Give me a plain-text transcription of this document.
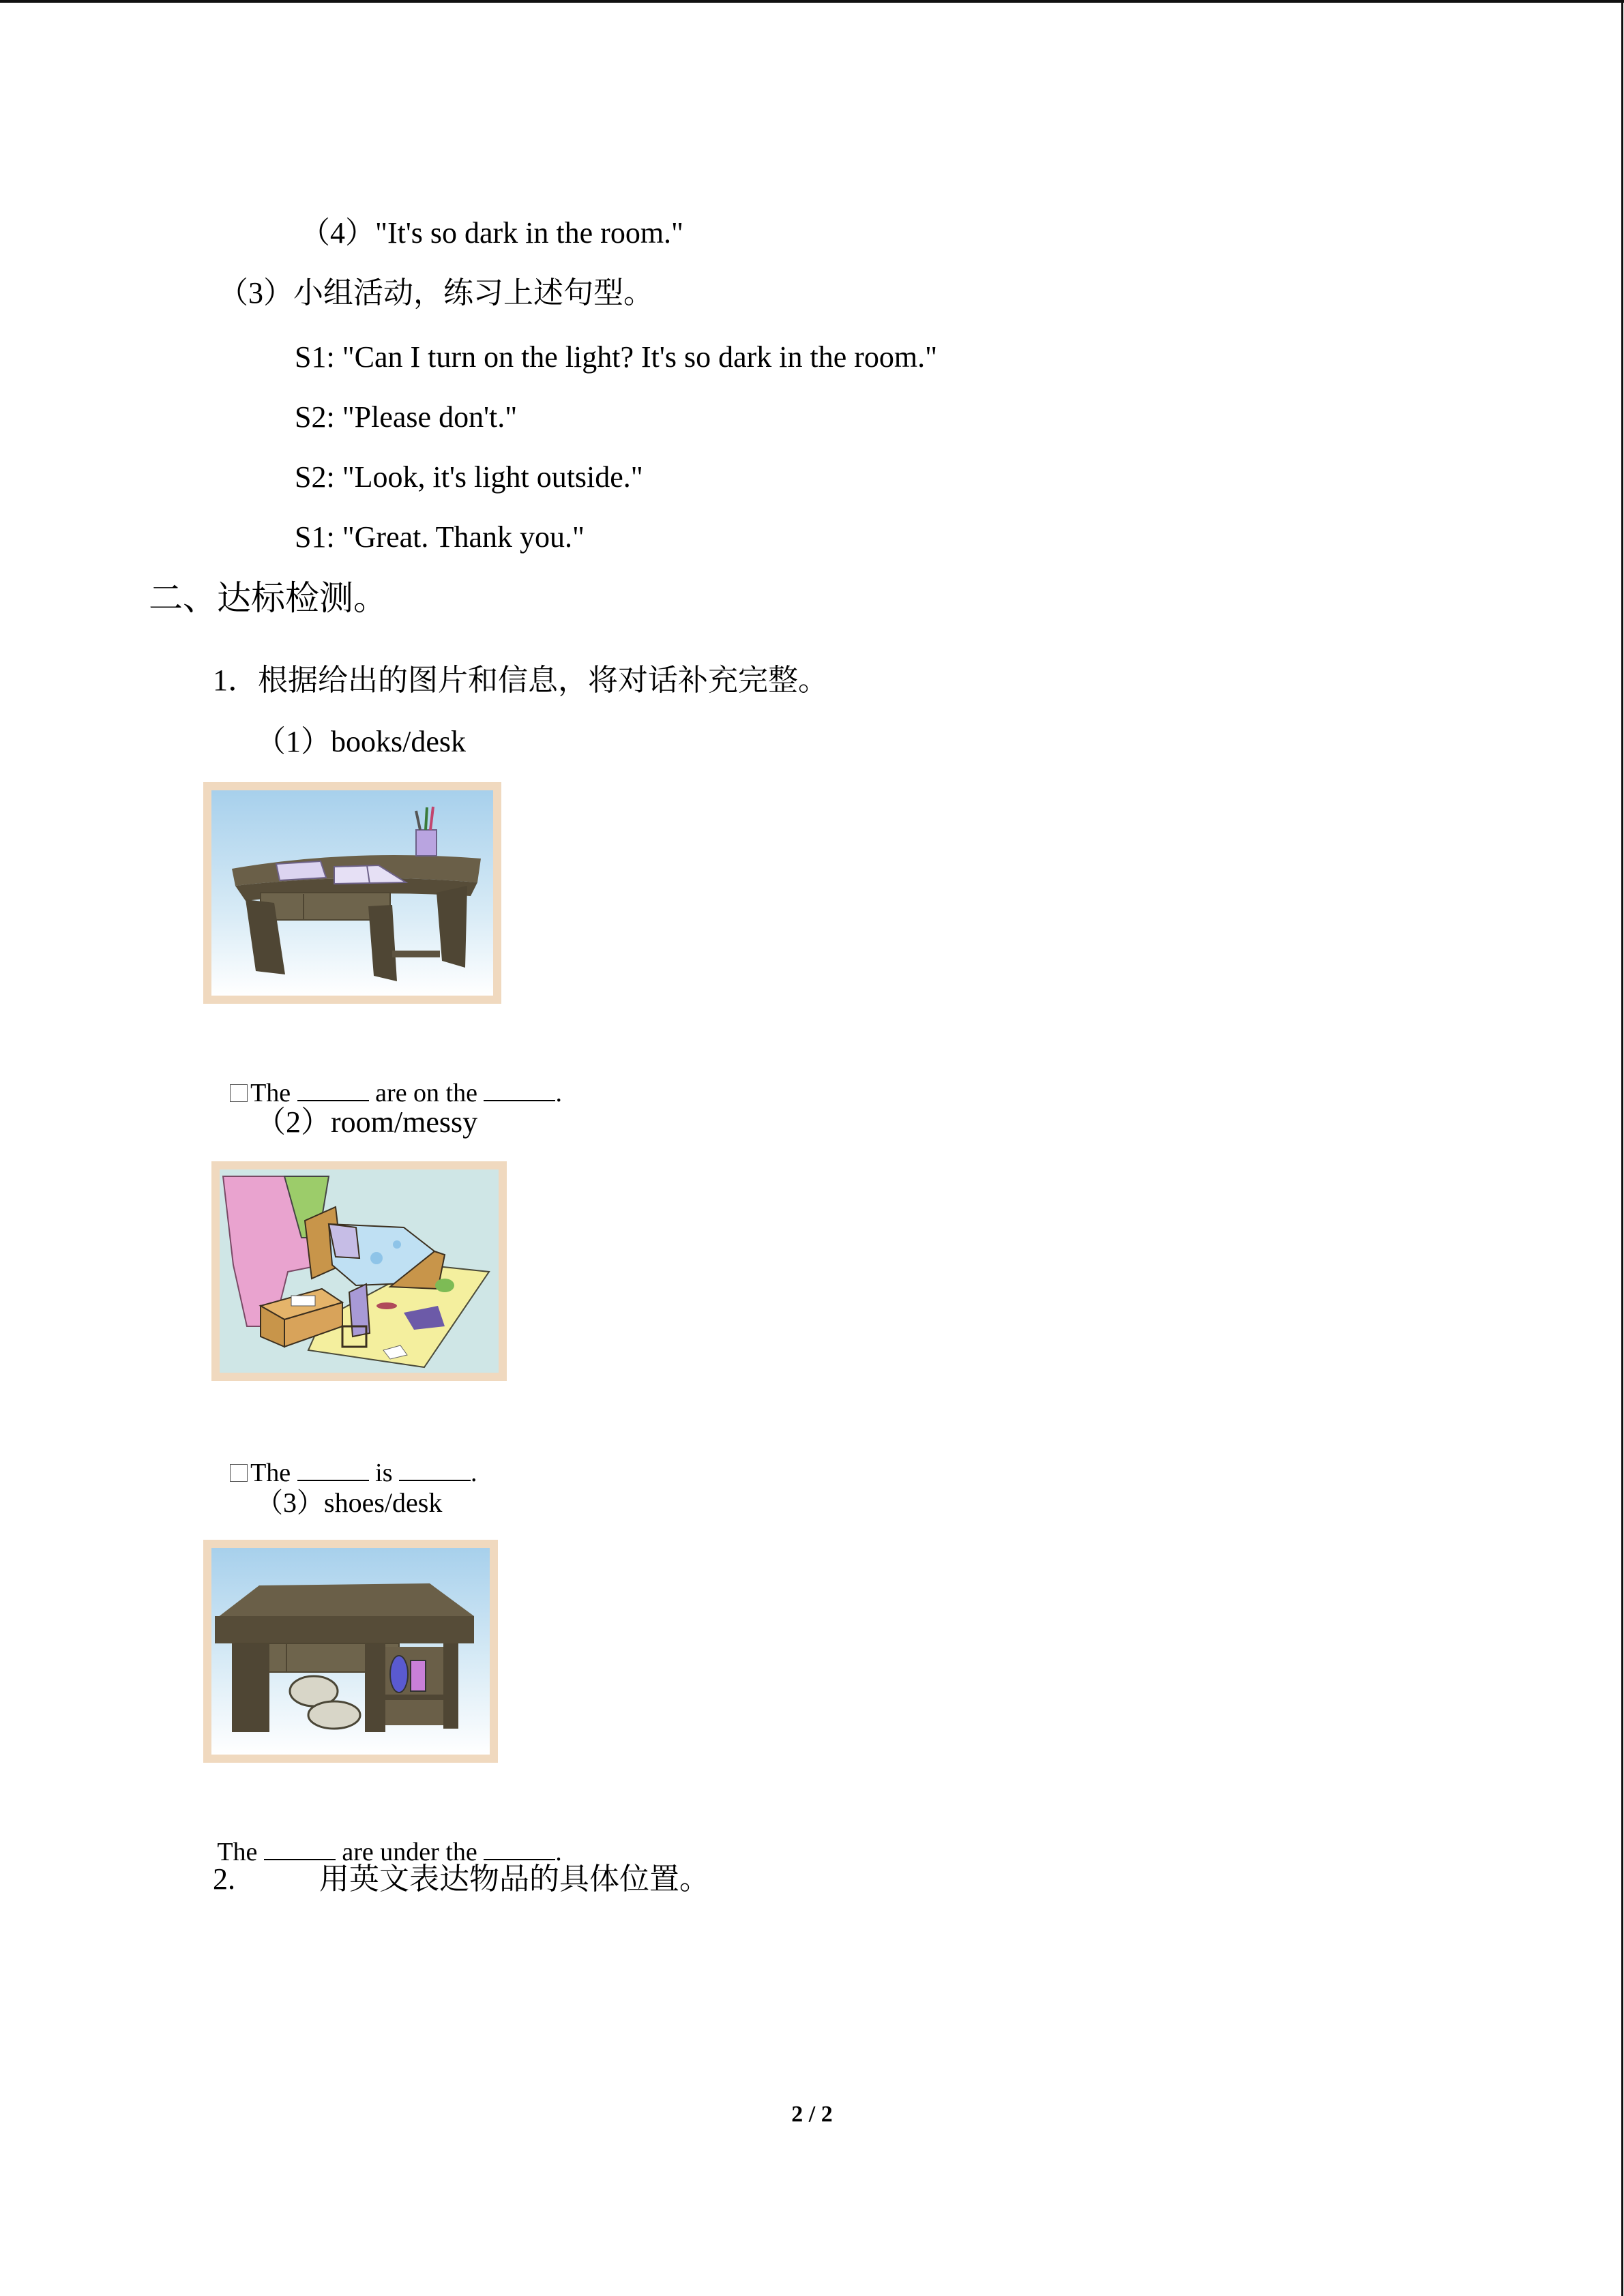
（4）"It's so dark in the room."
（3）小组活动，练习上述句型。
S1: "Can I turn on the light? It's so dark in the room."
S2: "Please don't."
S2: "Look, it's light outside."
S1: "Great. Thank you."
二、达标检测。
1．根据给出的图片和信息，将对话补充完整。
（1）books/desk

The	are on the	.

（2）room/messy

The	is	.

（3）shoes/desk

The	are under the	.

2.	用英文表达物品的具体位置。
2 / 2
